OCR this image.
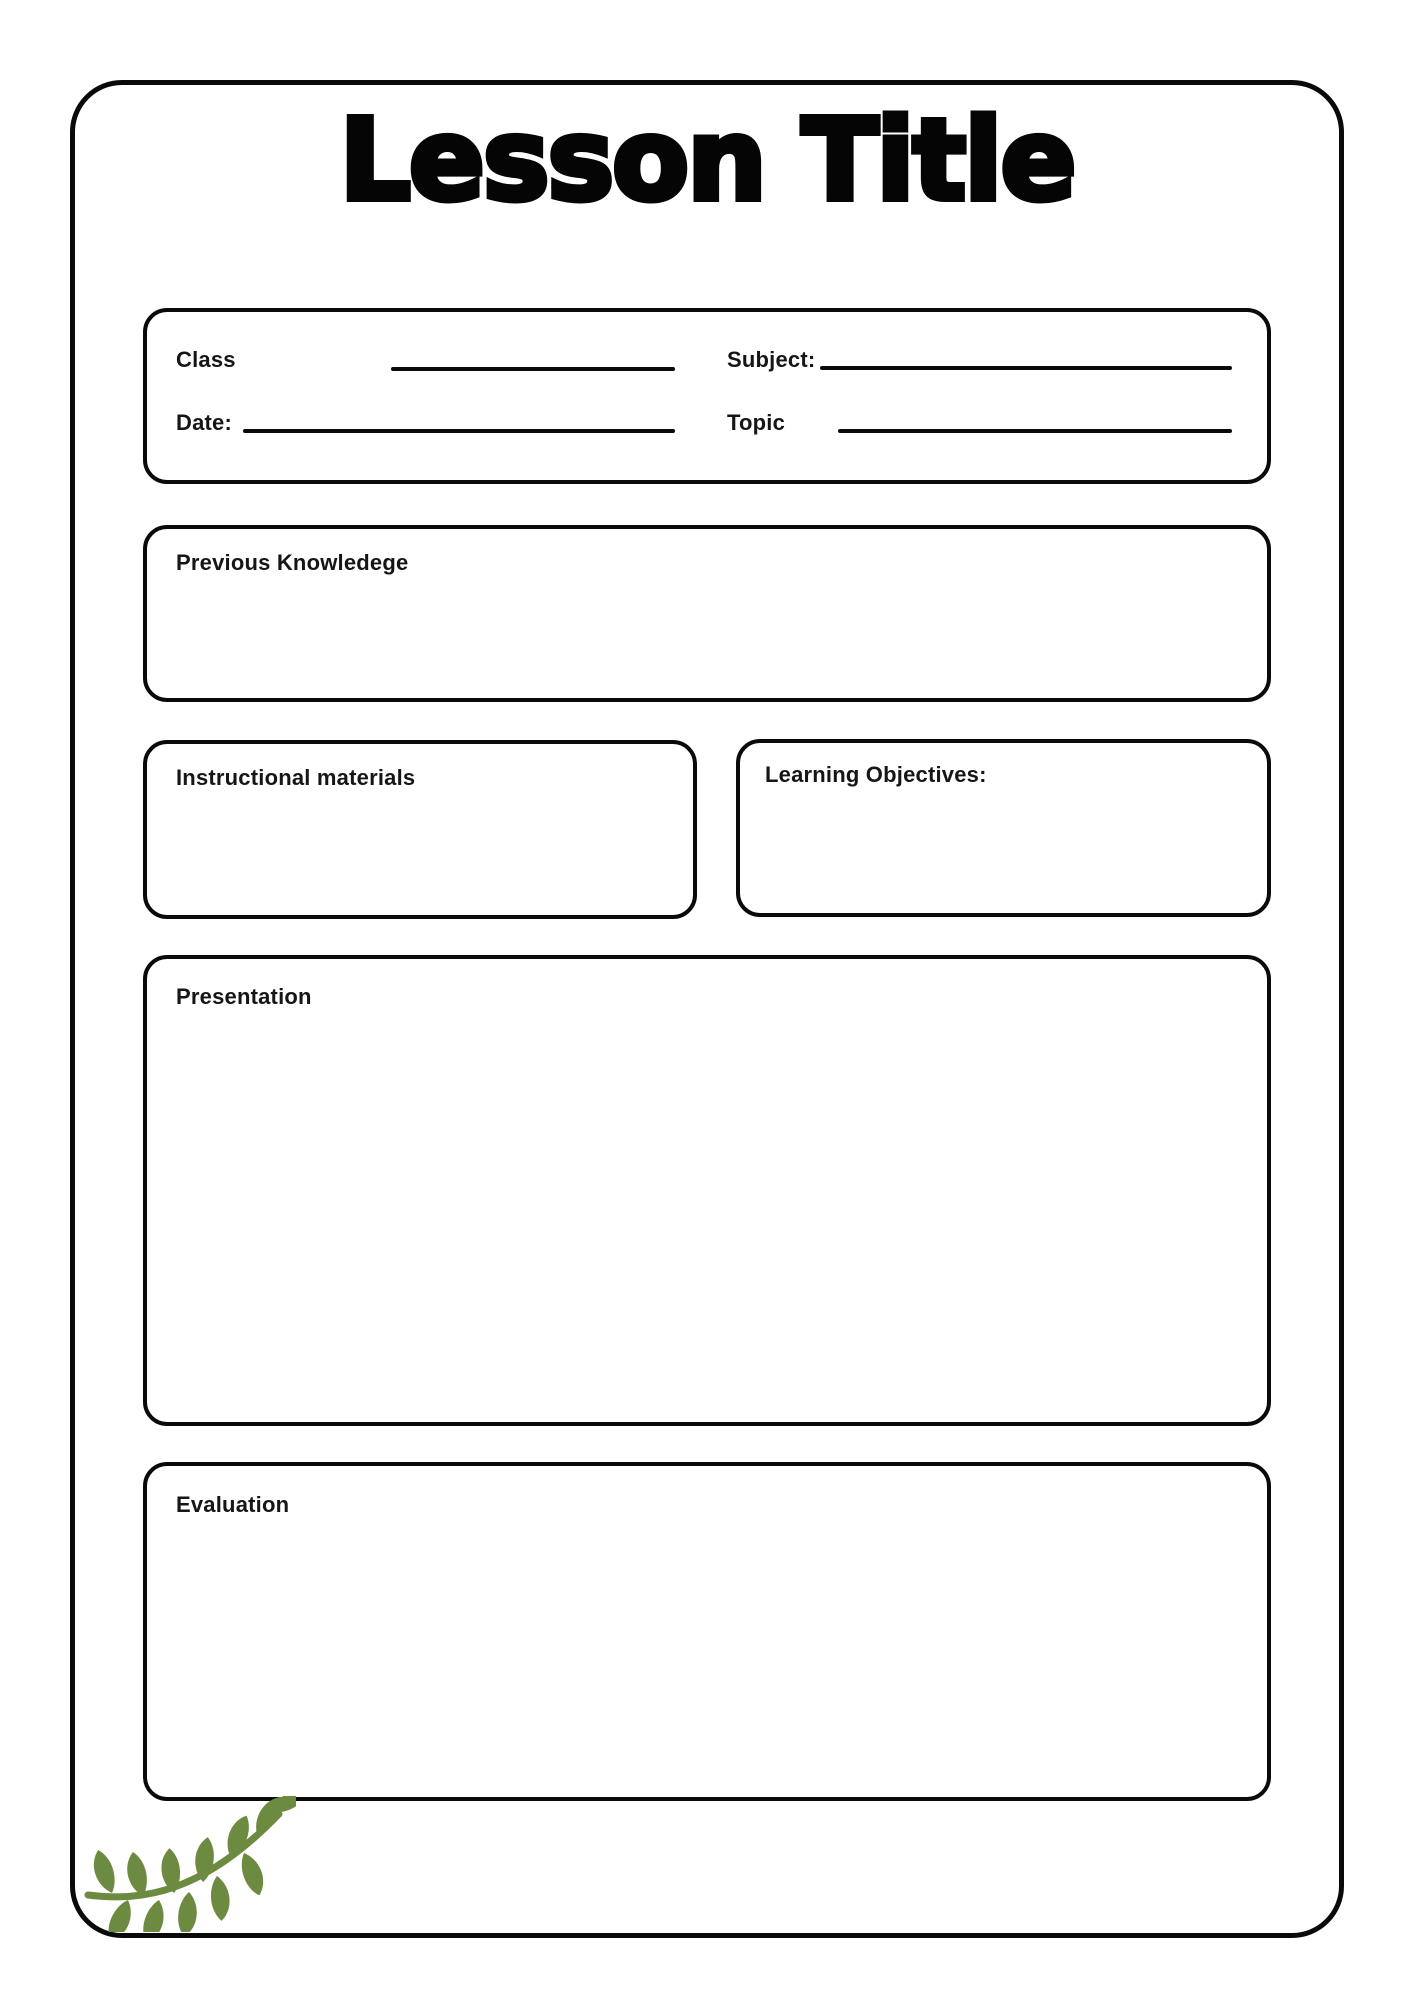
Lesson Title
Class	Subject:
Date:	Topic
Previous Knowledege
Instructional materials	Learning Objectives:
Presentation
Evaluation
